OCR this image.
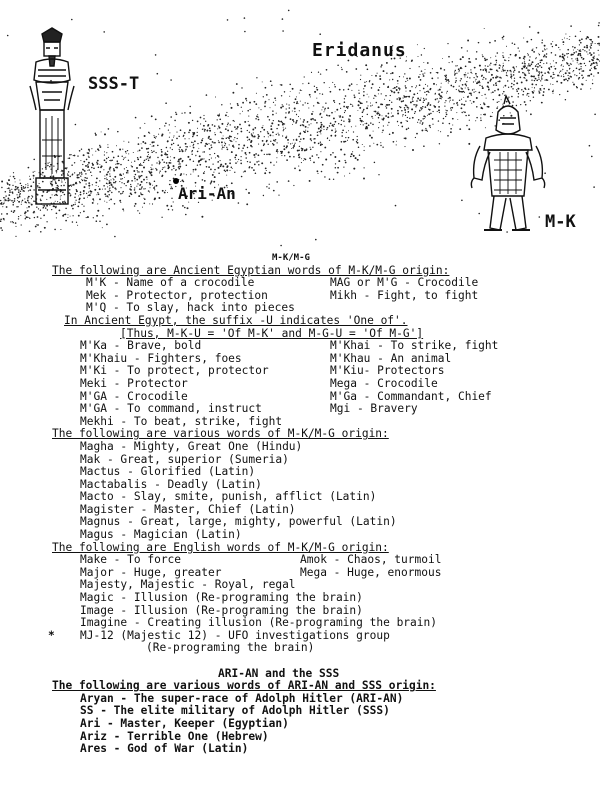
Eridanus
SSS-T
Ari-An
M-K
M-K/M-G
The following are Ancient Egyptian words of M-K/M-G origin:
M'K - Name of a crocodile	MAG or M'G - Crocodile
Mek - Protector, protection	Mikh - Fight, to fight
M'Q - To slay, hack into pieces
In Ancient Egypt, the suffix -U indicates 'One of'.
[Thus, M-K-U = 'Of M-K' and M-G-U = 'Of M-G']
M'Ka - Brave, bold	M'Khai - To strike, fight
M'Khaiu - Fighters, foes	M'Khau - An animal
M'Ki - To protect, protector	M'Kiu- Protectors
Meki - Protector	Mega - Crocodile
M'GA - Crocodile	M'Ga - Commandant, Chief
M'GA - To command, instruct	Mgi - Bravery
Mekhi - To beat, strike, fight
The following are various words of M-K/M-G origin:
Magha - Mighty, Great One (Hindu)
Mak - Great, superior (Sumeria)
Mactus - Glorified (Latin)
Mactabalis - Deadly (Latin)
Macto - Slay, smite, punish, afflict (Latin)
Magister - Master, Chief (Latin)
Magnus - Great, large, mighty, powerful (Latin)
Magus - Magician (Latin)
The following are English words of M-K/M-G origin:
Make - To force	Amok - Chaos, turmoil
Major - Huge, greater	Mega - Huge, enormous
Majesty, Majestic - Royal, regal
Magic - Illusion (Re-programing the brain)
Image - Illusion (Re-programing the brain)
Imagine - Creating illusion (Re-programing the brain)
* MJ-12 (Majestic 12) - UFO investigations group
(Re-programing the brain)
ARI-AN and the SSS
The following are various words of ARI-AN and SSS origin:
Aryan - The super-race of Adolph Hitler (ARI-AN)
SS - The elite military of Adolph Hitler (SSS)
Ari - Master, Keeper (Egyptian)
Ariz - Terrible One (Hebrew)
Ares - God of War (Latin)
